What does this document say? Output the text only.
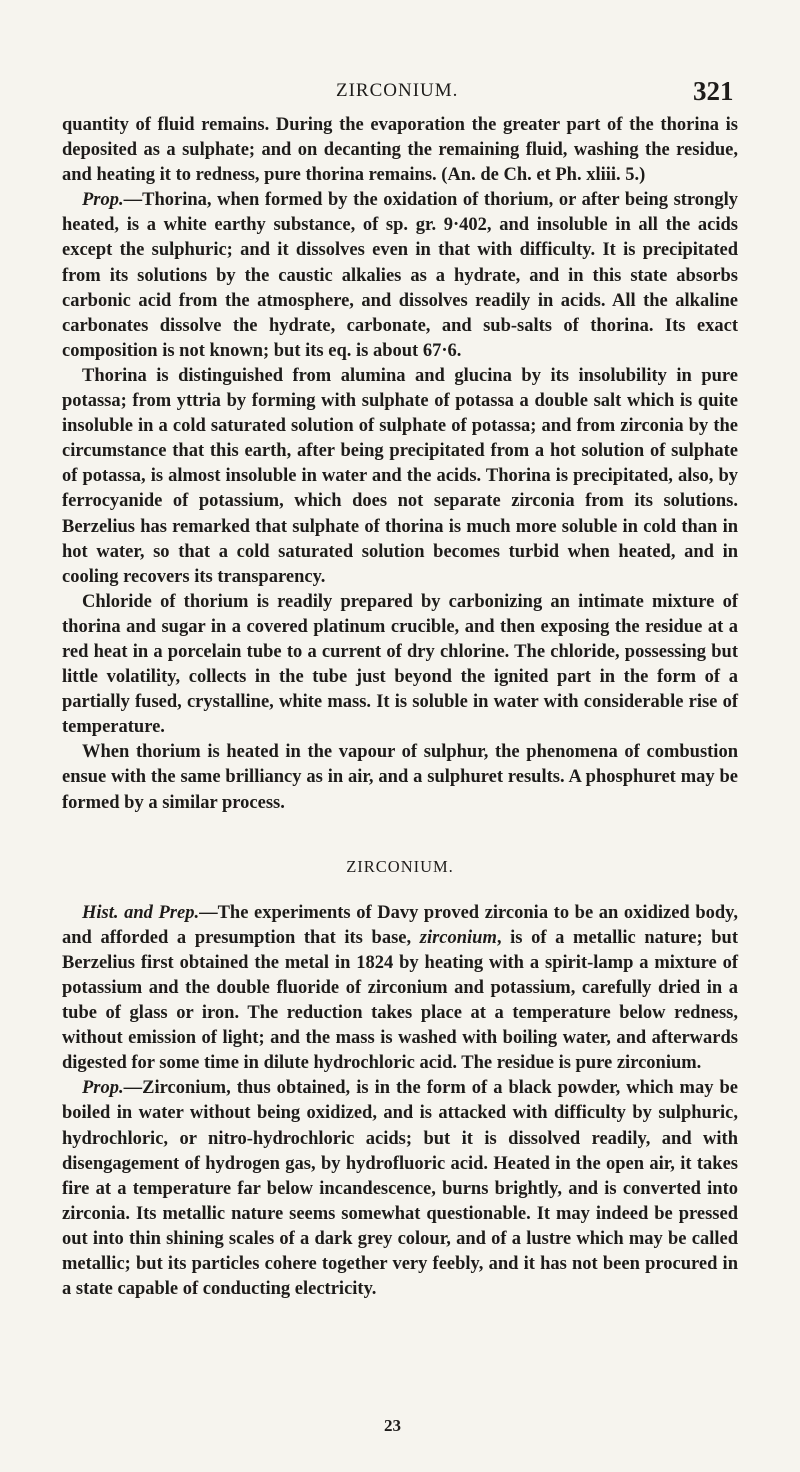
ZIRCONIUM.	321

quantity of fluid remains. During the evaporation the greater part of the thorina is deposited as a sulphate; and on decanting the remaining fluid, washing the residue, and heating it to redness, pure thorina remains. (An. de Ch. et Ph. xliii. 5.)

Prop.—Thorina, when formed by the oxidation of thorium, or after being strongly heated, is a white earthy substance, of sp. gr. 9·402, and insoluble in all the acids except the sulphuric; and it dissolves even in that with difficulty. It is precipitated from its solutions by the caustic alkalies as a hydrate, and in this state absorbs carbonic acid from the atmosphere, and dissolves readily in acids. All the alkaline carbonates dissolve the hydrate, carbonate, and sub-salts of thorina. Its exact composition is not known; but its eq. is about 67·6.

Thorina is distinguished from alumina and glucina by its insolubility in pure potassa; from yttria by forming with sulphate of potassa a double salt which is quite insoluble in a cold saturated solution of sulphate of potassa; and from zirconia by the circumstance that this earth, after being precipitated from a hot solution of sulphate of potassa, is almost insoluble in water and the acids. Thorina is precipitated, also, by ferrocyanide of potassium, which does not separate zirconia from its solutions. Berzelius has remarked that sulphate of thorina is much more soluble in cold than in hot water, so that a cold saturated solution becomes turbid when heated, and in cooling recovers its transparency.

Chloride of thorium is readily prepared by carbonizing an intimate mixture of thorina and sugar in a covered platinum crucible, and then exposing the residue at a red heat in a porcelain tube to a current of dry chlorine. The chloride, possessing but little volatility, collects in the tube just beyond the ignited part in the form of a partially fused, crystalline, white mass. It is soluble in water with considerable rise of temperature.

When thorium is heated in the vapour of sulphur, the phenomena of combustion ensue with the same brilliancy as in air, and a sulphuret results. A phosphuret may be formed by a similar process.

ZIRCONIUM.

Hist. and Prep.—The experiments of Davy proved zirconia to be an oxidized body, and afforded a presumption that its base, zirconium, is of a metallic nature; but Berzelius first obtained the metal in 1824 by heating with a spirit-lamp a mixture of potassium and the double fluoride of zirconium and potassium, carefully dried in a tube of glass or iron. The reduction takes place at a temperature below redness, without emission of light; and the mass is washed with boiling water, and afterwards digested for some time in dilute hydrochloric acid. The residue is pure zirconium.

Prop.—Zirconium, thus obtained, is in the form of a black powder, which may be boiled in water without being oxidized, and is attacked with difficulty by sulphuric, hydrochloric, or nitro-hydrochloric acids; but it is dissolved readily, and with disengagement of hydrogen gas, by hydrofluoric acid. Heated in the open air, it takes fire at a temperature far below incandescence, burns brightly, and is converted into zirconia. Its metallic nature seems somewhat questionable. It may indeed be pressed out into thin shining scales of a dark grey colour, and of a lustre which may be called metallic; but its particles cohere together very feebly, and it has not been procured in a state capable of conducting electricity.

23
